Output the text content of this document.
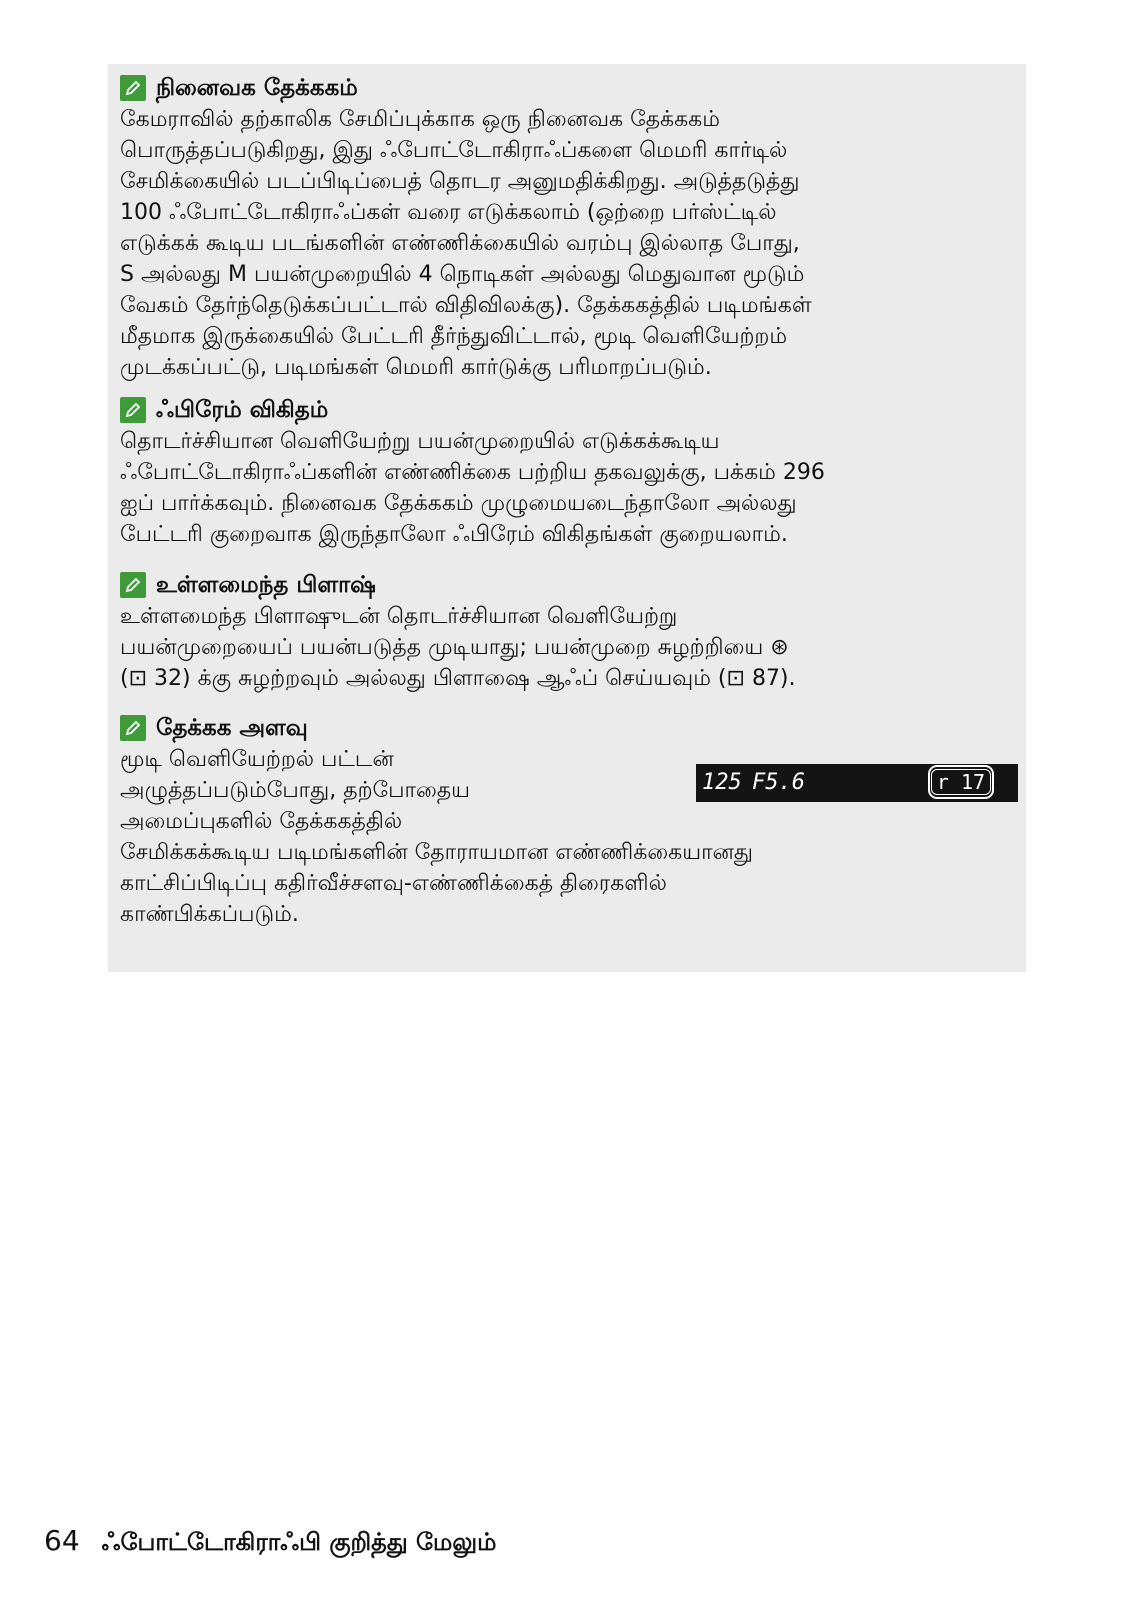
நினைவக தேக்ககம்
கேமராவில் தற்காலிக சேமிப்புக்காக ஒரு நினைவக தேக்ககம்
பொருத்தப்படுகிறது, இது ஃபோட்டோகிராஃப்களை மெமரி கார்டில்
சேமிக்கையில் படப்பிடிப்பைத் தொடர அனுமதிக்கிறது. அடுத்தடுத்து
100 ஃபோட்டோகிராஃப்கள் வரை எடுக்கலாம் (ஒற்றை பர்ஸ்ட்டில்
எடுக்கக் கூடிய படங்களின் எண்ணிக்கையில் வரம்பு இல்லாத போது,
S அல்லது M பயன்முறையில் 4 நொடிகள் அல்லது மெதுவான மூடும்
வேகம் தேர்ந்தெடுக்கப்பட்டால் விதிவிலக்கு). தேக்ககத்தில் படிமங்கள்
மீதமாக இருக்கையில் பேட்டரி தீர்ந்துவிட்டால், மூடி வெளியேற்றம்
முடக்கப்பட்டு, படிமங்கள் மெமரி கார்டுக்கு பரிமாறப்படும்.
ஃபிரேம் விகிதம்
தொடர்ச்சியான வெளியேற்று பயன்முறையில் எடுக்கக்கூடிய
ஃபோட்டோகிராஃப்களின் எண்ணிக்கை பற்றிய தகவலுக்கு, பக்கம் 296
ஐப் பார்க்கவும். நினைவக தேக்ககம் முழுமையடைந்தாலோ அல்லது
பேட்டரி குறைவாக இருந்தாலோ ஃபிரேம் விகிதங்கள் குறையலாம்.
உள்ளமைந்த பிளாஷ்
உள்ளமைந்த பிளாஷுடன் தொடர்ச்சியான வெளியேற்று
பயன்முறையைப் பயன்படுத்த முடியாது; பயன்முறை சுழற்றியை ⊛
(⊡ 32) க்கு சுழற்றவும் அல்லது பிளாஷை ஆஃப் செய்யவும் (⊡ 87).
தேக்கக அளவு
மூடி வெளியேற்றல் பட்டன்
அழுத்தப்படும்போது, தற்போதைய
அமைப்புகளில் தேக்ககத்தில்
சேமிக்கக்கூடிய படிமங்களின் தோராயமான எண்ணிக்கையானது
காட்சிப்பிடிப்பு கதிர்வீச்சளவு-எண்ணிக்கைத் திரைகளில்
காண்பிக்கப்படும்.
125 F5.6	r 17
64 ஃபோட்டோகிராஃபி குறித்து மேலும்
